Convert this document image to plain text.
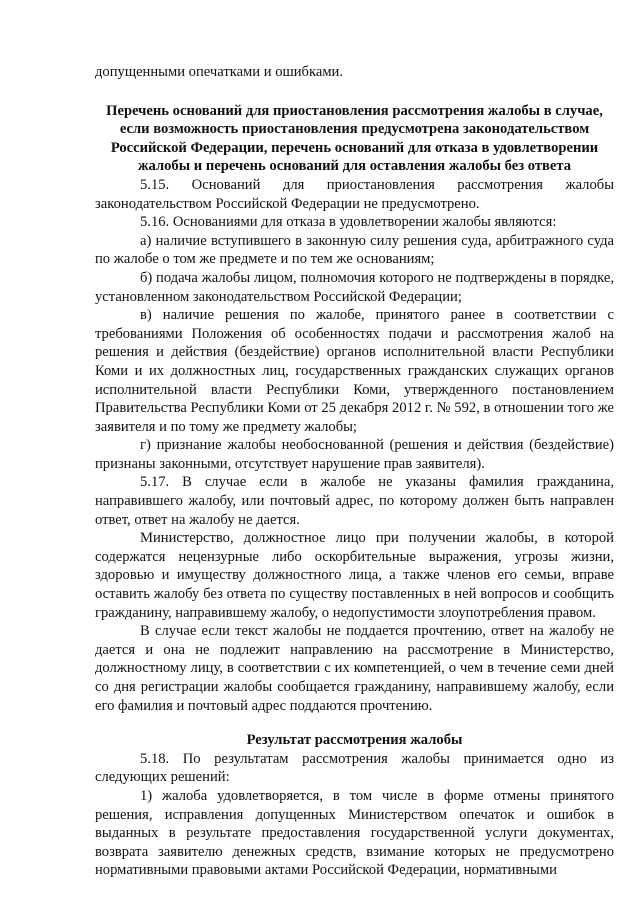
допущенными опечатками и ошибками.

Перечень оснований для приостановления рассмотрения жалобы в случае,

если возможность приостановления предусмотрена законодательством

Российской Федерации, перечень оснований для отказа в удовлетворении

жалобы и перечень оснований для оставления жалобы без ответа

5.15. Оснований для приостановления рассмотрения жалобы законодательством Российской Федерации не предусмотрено.

5.16. Основаниями для отказа в удовлетворении жалобы являются:

а) наличие вступившего в законную силу решения суда, арбитражного суда по жалобе о том же предмете и по тем же основаниям;

б) подача жалобы лицом, полномочия которого не подтверждены в порядке, установленном законодательством Российской Федерации;

в) наличие решения по жалобе, принятого ранее в соответствии с требованиями Положения об особенностях подачи и рассмотрения жалоб на решения и действия (бездействие) органов исполнительной власти Республики Коми и их должностных лиц, государственных гражданских служащих органов исполнительной власти Республики Коми, утвержденного постановлением Правительства Республики Коми от 25 декабря 2012 г. № 592, в отношении того же заявителя и по тому же предмету жалобы;

г) признание жалобы необоснованной (решения и действия (бездействие) признаны законными, отсутствует нарушение прав заявителя).

5.17. В случае если в жалобе не указаны фамилия гражданина, направившего жалобу, или почтовый адрес, по которому должен быть направлен ответ, ответ на жалобу не дается.

Министерство, должностное лицо при получении жалобы, в которой содержатся нецензурные либо оскорбительные выражения, угрозы жизни, здоровью и имуществу должностного лица, а также членов его семьи, вправе оставить жалобу без ответа по существу поставленных в ней вопросов и сообщить гражданину, направившему жалобу, о недопустимости злоупотребления правом.

В случае если текст жалобы не поддается прочтению, ответ на жалобу не дается и она не подлежит направлению на рассмотрение в Министерство, должностному лицу, в соответствии с их компетенцией, о чем в течение семи дней со дня регистрации жалобы сообщается гражданину, направившему жалобу, если его фамилия и почтовый адрес поддаются прочтению.

Результат рассмотрения жалобы

5.18. По результатам рассмотрения жалобы принимается одно из следующих решений:

1) жалоба удовлетворяется, в том числе в форме отмены принятого решения, исправления допущенных Министерством опечаток и ошибок в выданных в результате предоставления государственной услуги документах, возврата заявителю денежных средств, взимание которых не предусмотрено нормативными правовыми актами Российской Федерации, нормативными
